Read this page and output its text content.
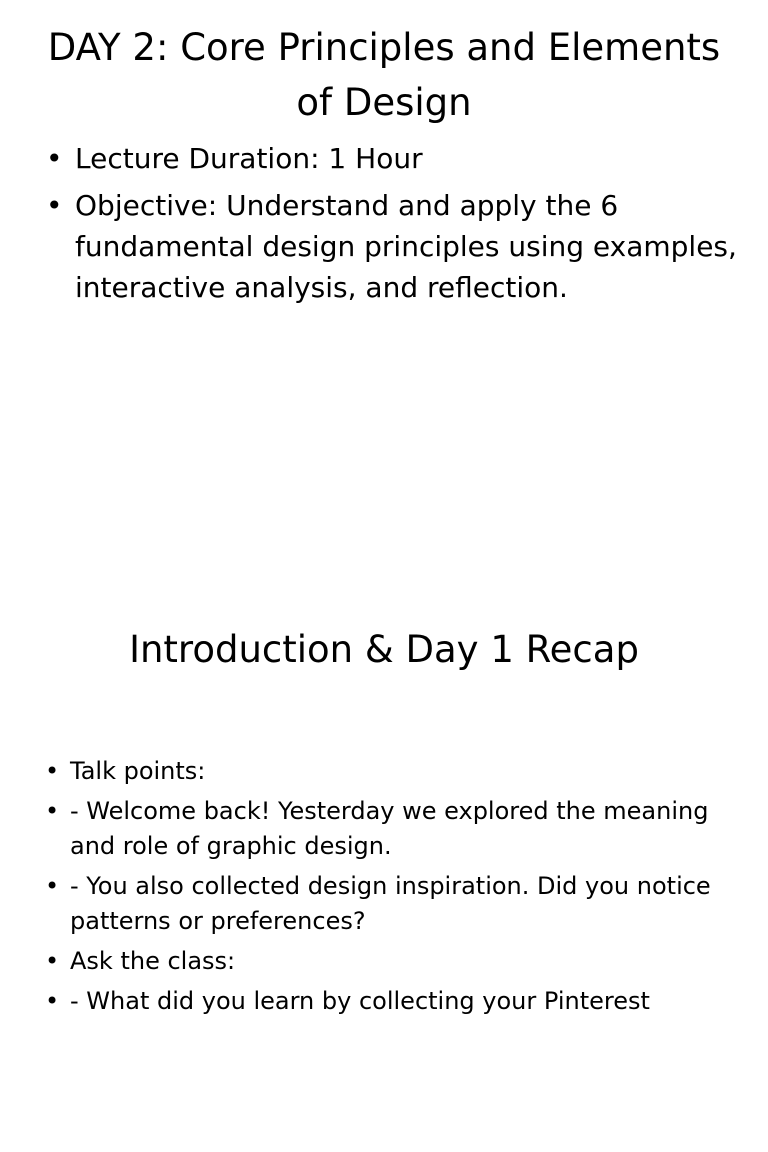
DAY 2: Core Principles and Elements of Design
• Lecture Duration: 1 Hour
• Objective: Understand and apply the 6 fundamental design principles using examples, interactive analysis, and reflection.
Introduction & Day 1 Recap
• Talk points:
• - Welcome back! Yesterday we explored the meaning and role of graphic design.
• - You also collected design inspiration. Did you notice patterns or preferences?
• Ask the class:
• - What did you learn by collecting your Pinterest
